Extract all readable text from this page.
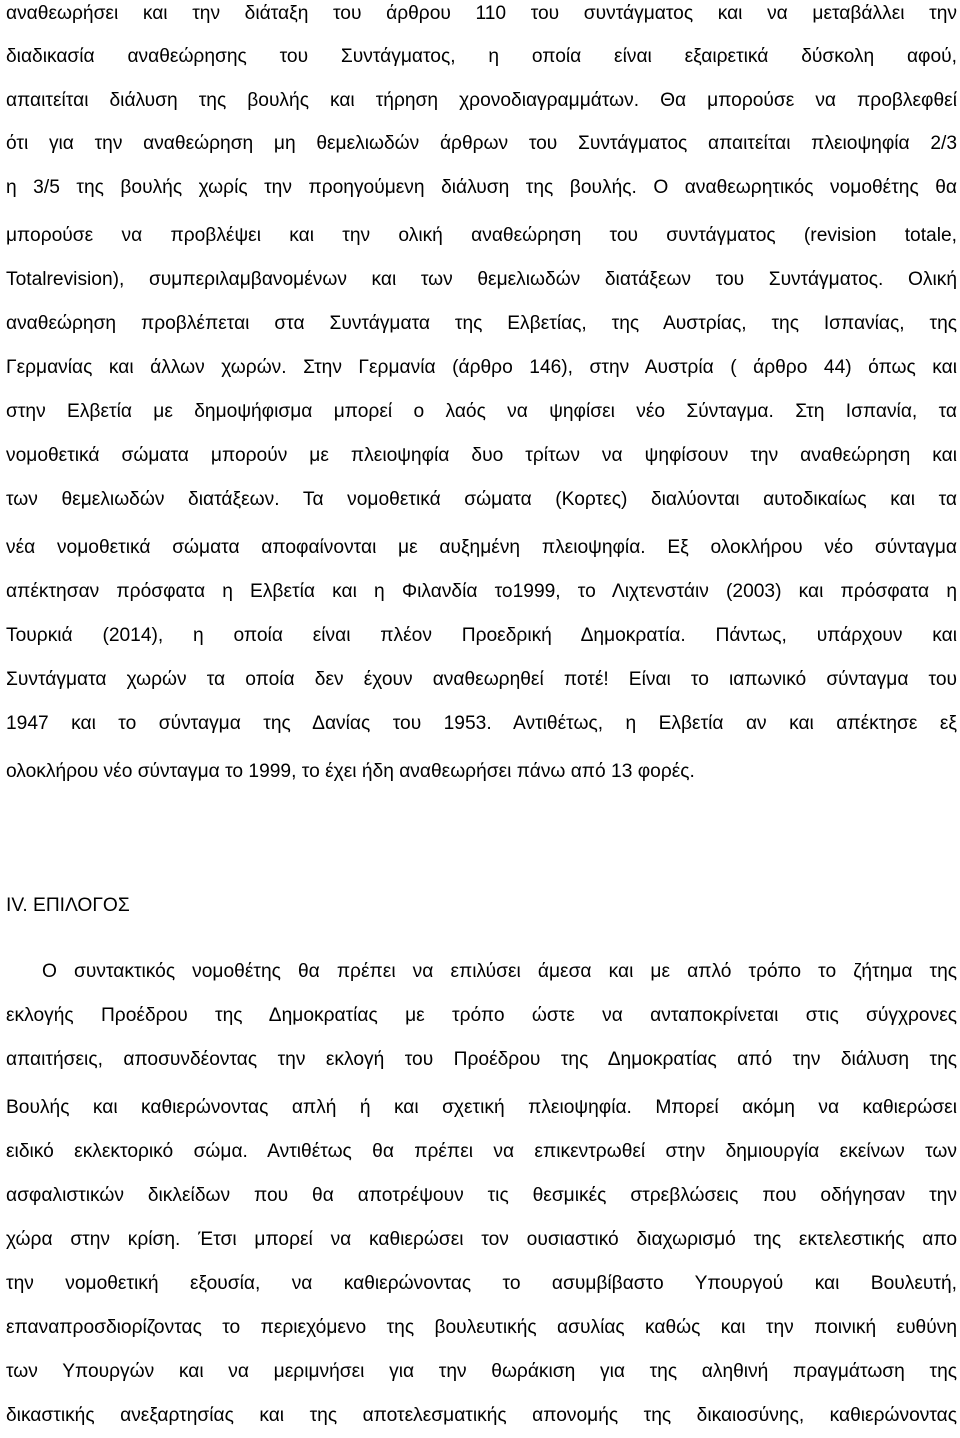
αναθεωρήσει και την διάταξη του άρθρου 110 του συντάγματος και να μεταβάλλει την
διαδικασία αναθεώρησης του Συντάγματος, η οποία είναι εξαιρετικά δύσκολη αφού,
απαιτείται διάλυση της βουλής και τήρηση χρονοδιαγραμμάτων. Θα μπορούσε να προβλεφθεί
ότι για την αναθεώρηση μη θεμελιωδών άρθρων του Συντάγματος απαιτείται πλειοψηφία 2/3
η 3/5 της βουλής χωρίς την προηγούμενη διάλυση της βουλής. Ο αναθεωρητικός νομοθέτης θα
μπορούσε να προβλέψει και την ολική αναθεώρηση του συντάγματος (revision totale,
Totalrevision), συμπεριλαμβανομένων και των θεμελιωδών διατάξεων του Συντάγματος. Ολική
αναθεώρηση προβλέπεται στα Συντάγματα της Ελβετίας, της Αυστρίας, της Ισπανίας, της
Γερμανίας και άλλων χωρών. Στην Γερμανία (άρθρο 146), στην Αυστρία ( άρθρο 44) όπως και
στην Ελβετία με δημοψήφισμα μπορεί ο λαός να ψηφίσει νέο Σύνταγμα. Στη Ισπανία, τα
νομοθετικά σώματα μπορούν με πλειοψηφία δυο τρίτων να ψηφίσουν την αναθεώρηση και
των θεμελιωδών διατάξεων. Τα νομοθετικά σώματα (Κορτες) διαλύονται αυτοδικαίως και τα
νέα νομοθετικά σώματα αποφαίνονται με αυξημένη πλειοψηφία. Εξ ολοκλήρου νέο σύνταγμα
απέκτησαν πρόσφατα η Ελβετία και η Φιλανδία το1999, το Λιχτενστάιν (2003) και πρόσφατα η
Τουρκιά (2014), η οποία είναι πλέον Προεδρική Δημοκρατία. Πάντως, υπάρχουν και
Συντάγματα χωρών τα οποία δεν έχουν αναθεωρηθεί ποτέ! Είναι το ιαπωνικό σύνταγμα του
1947 και το σύνταγμα της Δανίας του 1953. Αντιθέτως, η Ελβετία αν και απέκτησε εξ
ολοκλήρου νέο σύνταγμα το 1999, το έχει ήδη αναθεωρήσει πάνω από 13 φορές.
IV. ΕΠΙΛΟΓΟΣ
Ο συντακτικός νομοθέτης θα πρέπει να επιλύσει άμεσα και με απλό τρόπο το ζήτημα της
εκλογής Προέδρου της Δημοκρατίας με τρόπο ώστε να ανταποκρίνεται στις σύγχρονες
απαιτήσεις, αποσυνδέοντας την εκλογή του Προέδρου της Δημοκρατίας από την διάλυση της
Βουλής και καθιερώνοντας απλή ή και σχετική πλειοψηφία. Μπορεί ακόμη να καθιερώσει
ειδικό εκλεκτορικό σώμα. Αντιθέτως θα πρέπει να επικεντρωθεί στην δημιουργία εκείνων των
ασφαλιστικών δικλείδων που θα αποτρέψουν τις θεσμικές στρεβλώσεις που οδήγησαν την
χώρα στην κρίση. Έτσι μπορεί να καθιερώσει τον ουσιαστικό διαχωρισμό της εκτελεστικής απο
την νομοθετική εξουσία, να καθιερώνοντας το ασυμβίβαστο Υπουργού και Βουλευτή,
επαναπροσδιορίζοντας το περιεχόμενο της βουλευτικής ασυλίας καθώς και την ποινική ευθύνη
των Υπουργών και να μεριμνήσει για την θωράκιση για της αληθινή πραγμάτωση της
δικαστικής ανεξαρτησίας και της αποτελεσματικής απονομής της δικαιοσύνης, καθιερώνοντας
